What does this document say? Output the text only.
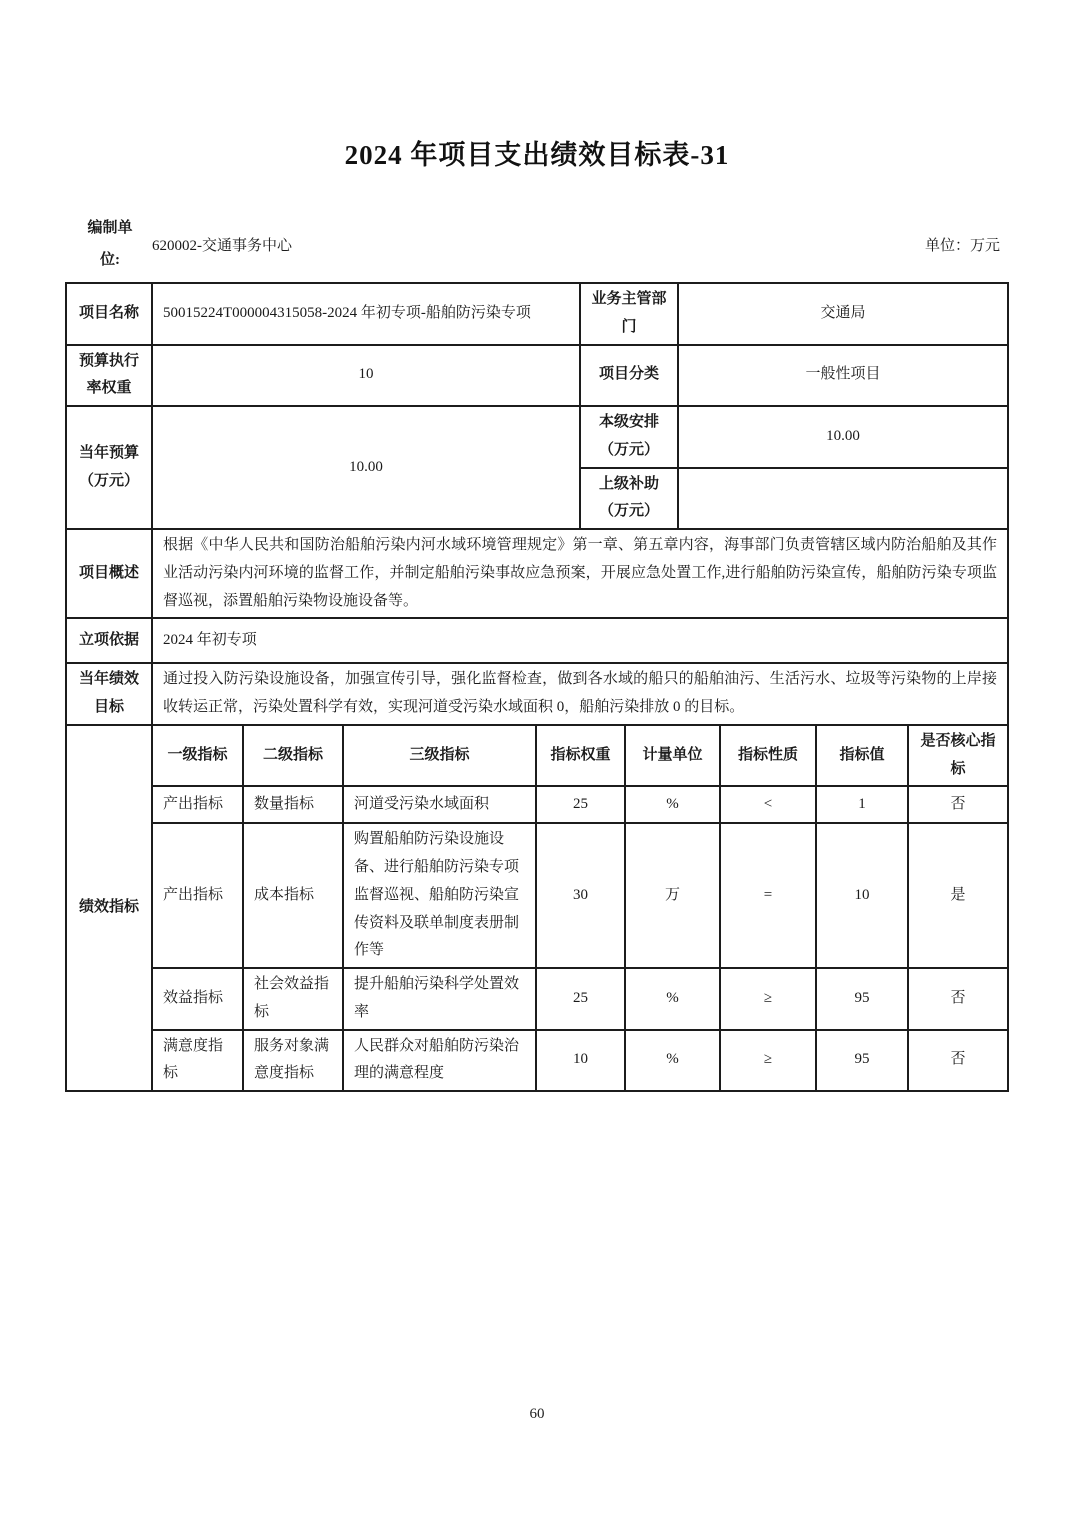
2024 年项目支出绩效目标表-31
编制单位:
620002-交通事务中心	单位：万元
项目名称	50015224T000004315058-2024 年初专项-船舶防污染专项				业务主管部门		交通局			
预算执行率权重	10				项目分类		一般性项目			
当年预算（万元）	10.00				本级安排（万元）		10.00			
					上级补助（万元）					
项目概述	根据《中华人民共和国防治船舶污染内河水域环境管理规定》第一章、第五章内容，海事部门负责管辖区域内防治船舶及其作业活动污染内河环境的监督工作，并制定船舶污染事故应急预案，开展应急处置工作,进行船舶防污染宣传，船舶防污染专项监督巡视，添置船舶污染物设施设备等。									
立项依据	2024 年初专项									
当年绩效目标	通过投入防污染设施设备，加强宣传引导，强化监督检查，做到各水域的船只的船舶油污、生活污水、垃圾等污染物的上岸接收转运正常，污染处置科学有效，实现河道受污染水域面积 0，船舶污染排放 0 的目标。									
绩效指标	一级指标	二级指标	三级指标	指标权重		计量单位		指标性质	指标值	是否核心指标
	产出指标	数量指标	河道受污染水域面积	25		%		<	1	否
	产出指标	成本指标	购置船舶防污染设施设备、进行船舶防污染专项监督巡视、船舶防污染宣传资料及联单制度表册制作等	30		万		=	10	是
	效益指标	社会效益指标	提升船舶污染科学处置效率	25		%		≥	95	否
	满意度指标	服务对象满意度指标	人民群众对船舶防污染治理的满意程度	10		%		≥	95	否
60
